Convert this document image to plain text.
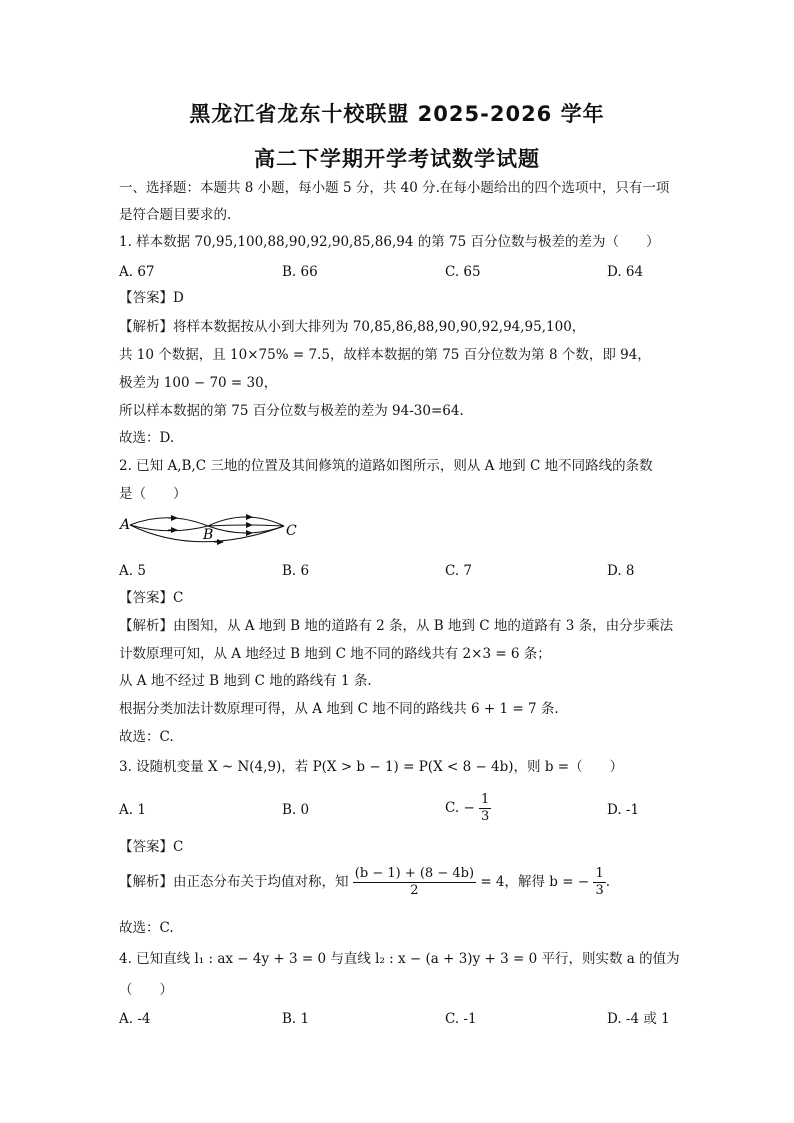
黑龙江省龙东十校联盟 2025-2026 学年
高二下学期开学考试数学试题
一、选择题：本题共 8 小题，每小题 5 分，共 40 分.在每小题给出的四个选项中，只有一项
是符合题目要求的.
1. 样本数据 70,95,100,88,90,92,90,85,86,94 的第 75 百分位数与极差的差为（　　）
A. 67	B. 66	C. 65	D. 64
【答案】D
【解析】将样本数据按从小到大排列为 70,85,86,88,90,90,92,94,95,100，
共 10 个数据，且 10×75% = 7.5，故样本数据的第 75 百分位数为第 8 个数，即 94，
极差为 100 − 70 = 30，
所以样本数据的第 75 百分位数与极差的差为 94-30=64.
故选：D.
2. 已知 A,B,C 三地的位置及其间修筑的道路如图所示，则从 A 地到 C 地不同路线的条数
是（　　）
A
B	C
A. 5	B. 6	C. 7	D. 8
【答案】C
【解析】由图知，从 A 地到 B 地的道路有 2 条，从 B 地到 C 地的道路有 3 条，由分步乘法
计数原理可知，从 A 地经过 B 地到 C 地不同的路线共有 2×3 = 6 条；
从 A 地不经过 B 地到 C 地的路线有 1 条.
根据分类加法计数原理可得，从 A 地到 C 地不同的路线共 6 + 1 = 7 条.
故选：C.
3. 设随机变量 X ~ N(4,9)，若 P(X > b − 1) = P(X < 8 − 4b)，则 b =（　　）
A. 1	B. 0	C. − $\frac{1}{3}$	D. -1
【答案】C
【解析】由正态分布关于均值对称，知 $\frac{(b - 1) + (8 - 4b)}{2} = 4$，解得 b = − $\frac{1}{3}$ .
故选：C.
4. 已知直线 l₁ : ax − 4y + 3 = 0 与直线 l₂ : x − (a + 3)y + 3 = 0 平行，则实数 a 的值为
（　　）
A. -4	B. 1	C. -1	D. -4 或 1
